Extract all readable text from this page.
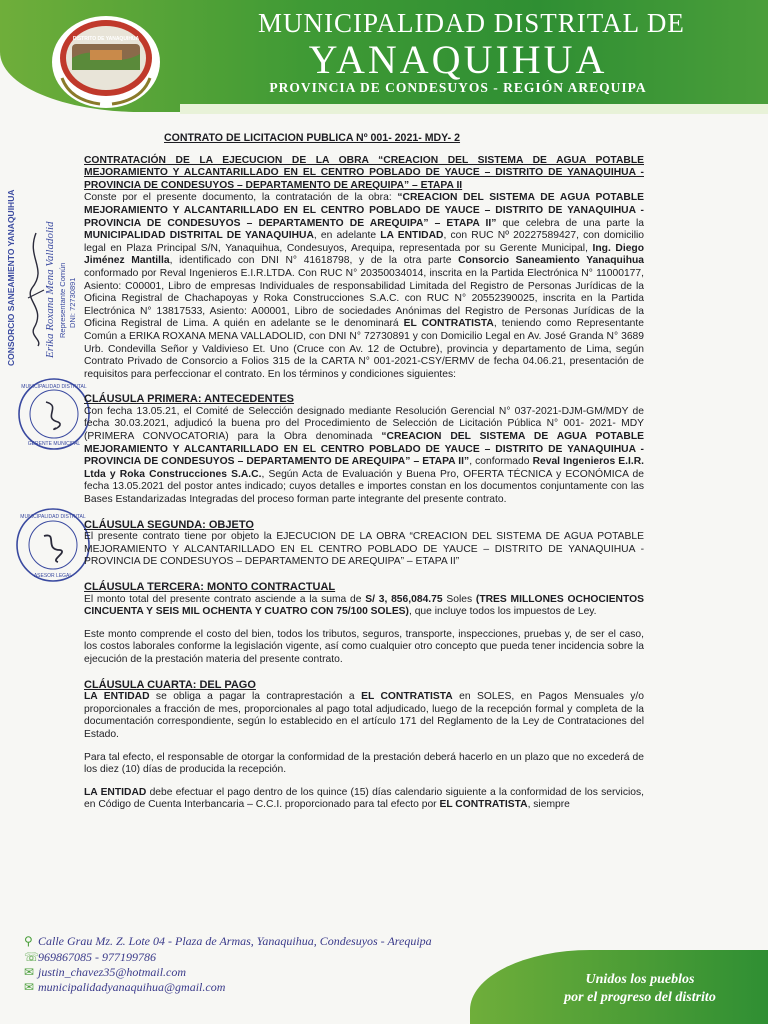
DISTRITO DE YANAQUIHUA
MUNICIPALIDAD DISTRITAL DE
YANAQUIHUA
PROVINCIA DE CONDESUYOS - REGIÓN AREQUIPA
CONSORCIO SANEAMIENTO YANAQUIHUA	Erika Roxana Mena Valladolid Representante Común DNI: 72730891
MUNICIPALIDAD DISTRITAL
GERENTE MUNICIPAL
MUNICIPALIDAD DISTRITAL
ASESOR LEGAL

CONTRATO DE LICITACION PUBLICA Nº 001- 2021- MDY- 2

CONTRATACIÓN DE LA EJECUCION DE LA OBRA “CREACION DEL SISTEMA DE AGUA POTABLE MEJORAMIENTO Y ALCANTARILLADO EN EL CENTRO POBLADO DE YAUCE – DISTRITO DE YANAQUIHUA - PROVINCIA DE CONDESUYOS – DEPARTAMENTO DE AREQUIPA” – ETAPA II

Conste por el presente documento, la contratación de la obra: “CREACION DEL SISTEMA DE AGUA POTABLE MEJORAMIENTO Y ALCANTARILLADO EN EL CENTRO POBLADO DE YAUCE – DISTRITO DE YANAQUIHUA - PROVINCIA DE CONDESUYOS – DEPARTAMENTO DE AREQUIPA” – ETAPA II” que celebra de una parte la MUNICIPALIDAD DISTRITAL DE YANAQUIHUA, en adelante LA ENTIDAD, con RUC Nº 20227589427, con domicilio legal en Plaza Principal S/N, Yanaquihua, Condesuyos, Arequipa, representada por su Gerente Municipal, Ing. Diego Jiménez Mantilla, identificado con DNI N° 41618798, y de la otra parte Consorcio Saneamiento Yanaquihua conformado por Reval Ingenieros E.I.R.LTDA. Con RUC N° 20350034014, inscrita en la Partida Electrónica N° 11000177, Asiento: C00001, Libro de empresas Individuales de responsabilidad Limitada del Registro de Personas Jurídicas de la Oficina Registral de Chachapoyas y Roka Construcciones S.A.C. con RUC N° 20552390025, inscrita en la Partida Electrónica N° 13817533, Asiento: A00001, Libro de sociedades Anónimas del Registro de Personas Jurídicas de la Oficina Registral de Lima. A quién en adelante se le denominará EL CONTRATISTA, teniendo como Representante Común a ERIKA ROXANA MENA VALLADOLID, con DNI N° 72730891 y con Domicilio Legal en Av. José Granda N° 3689 Urb. Condevilla Señor y Valdivieso Et. Uno (Cruce con Av. 12 de Octubre), provincia y departamento de Lima, según Contrato Privado de Consorcio a Folios 315 de la CARTA N° 001-2021-CSY/ERMV de fecha 04.06.21, presentación de requisitos para perfeccionar el contrato. En los términos y condiciones siguientes:

CLÁUSULA PRIMERA: ANTECEDENTES

Con fecha 13.05.21, el Comité de Selección designado mediante Resolución Gerencial N° 037-2021-DJM-GM/MDY de fecha 30.03.2021, adjudicó la buena pro del Procedimiento de Selección de Licitación Pública N° 001- 2021- MDY (PRIMERA CONVOCATORIA) para la Obra denominada “CREACION DEL SISTEMA DE AGUA POTABLE MEJORAMIENTO Y ALCANTARILLADO EN EL CENTRO POBLADO DE YAUCE – DISTRITO DE YANAQUIHUA - PROVINCIA DE CONDESUYOS – DEPARTAMENTO DE AREQUIPA” – ETAPA II”, conformado Reval Ingenieros E.I.R. Ltda y Roka Construcciones S.A.C., Según Acta de Evaluación y Buena Pro, OFERTA TÉCNICA y ECONÓMICA de fecha 13.05.2021 del postor antes indicado; cuyos detalles e importes constan en los documentos conjuntamente con las Bases Estandarizadas Integradas del proceso forman parte integrante del presente contrato.

CLÁUSULA SEGUNDA: OBJETO

El presente contrato tiene por objeto la EJECUCION DE LA OBRA “CREACION DEL SISTEMA DE AGUA POTABLE MEJORAMIENTO Y ALCANTARILLADO EN EL CENTRO POBLADO DE YAUCE – DISTRITO DE YANAQUIHUA - PROVINCIA DE CONDESUYOS – DEPARTAMENTO DE AREQUIPA” – ETAPA II”

CLÁUSULA TERCERA: MONTO CONTRACTUAL

El monto total del presente contrato asciende a la suma de S/ 3, 856,084.75 Soles (TRES MILLONES OCHOCIENTOS CINCUENTA Y SEIS MIL OCHENTA Y CUATRO CON 75/100 SOLES), que incluye todos los impuestos de Ley.

Este monto comprende el costo del bien, todos los tributos, seguros, transporte, inspecciones, pruebas y, de ser el caso, los costos laborales conforme la legislación vigente, así como cualquier otro concepto que pueda tener incidencia sobre la ejecución de la prestación materia del presente contrato.

CLÁUSULA CUARTA: DEL PAGO

LA ENTIDAD se obliga a pagar la contraprestación a EL CONTRATISTA en SOLES, en Pagos Mensuales y/o proporcionales a fracción de mes, proporcionales al pago total adjudicado, luego de la recepción formal y completa de la documentación correspondiente, según lo establecido en el artículo 171 del Reglamento de la Ley de Contrataciones del Estado.

Para tal efecto, el responsable de otorgar la conformidad de la prestación deberá hacerlo en un plazo que no excederá de los diez (10) días de producida la recepción.

LA ENTIDAD debe efectuar el pago dentro de los quince (15) días calendario siguiente a la conformidad de los servicios, en Código de Cuenta Interbancaria – C.C.I. proporcionado para tal efecto por EL CONTRATISTA, siempre

⚲ Calle Grau Mz. Z. Lote 04 - Plaza de Armas, Yanaquihua, Condesuyos - Arequipa
☏969867085 - 977199786
✉ justin_chavez35@hotmail.com
✉ municipalidadyanaquihua@gmail.com	Unidos los pueblos
por el progreso del distrito
